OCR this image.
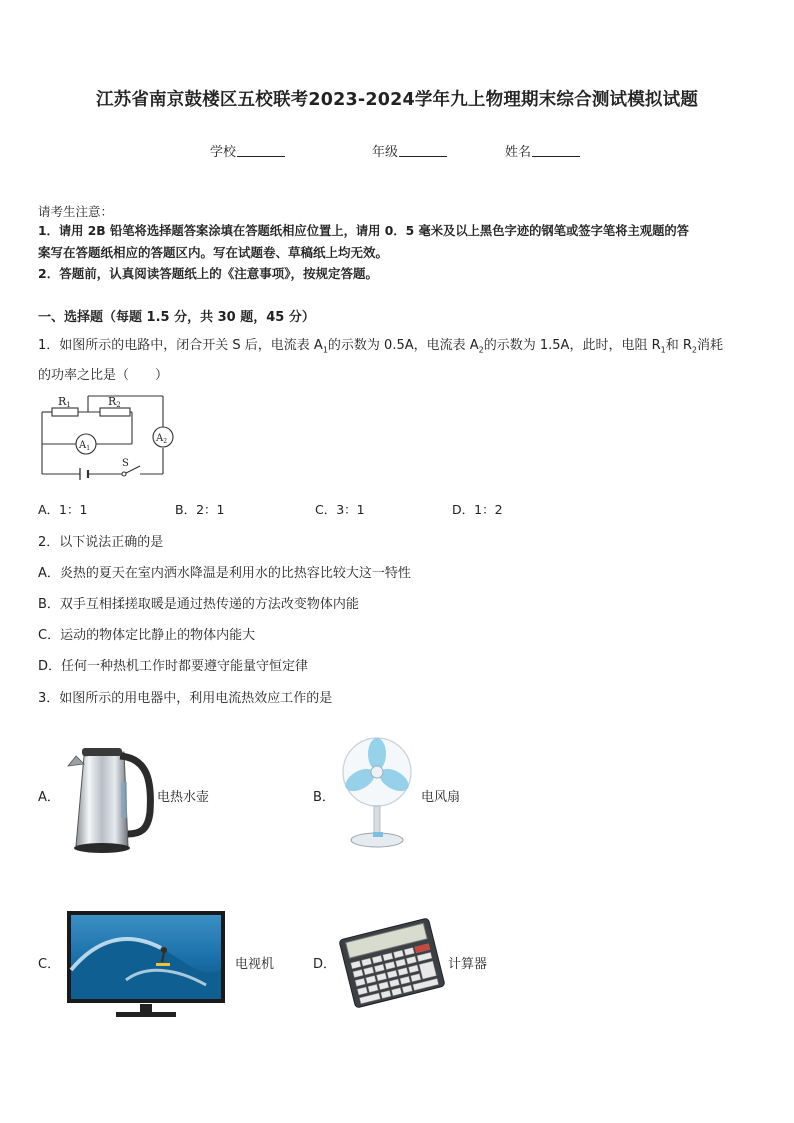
江苏省南京鼓楼区五校联考2023-2024学年九上物理期末综合测试模拟试题
学校	年级	姓名
请考生注意：
1．请用 2B 铅笔将选择题答案涂填在答题纸相应位置上，请用 0．5 毫米及以上黑色字迹的钢笔或签字笔将主观题的答
案写在答题纸相应的答题区内。写在试题卷、草稿纸上均无效。
2．答题前，认真阅读答题纸上的《注意事项》，按规定答题。
一、选择题（每题 1.5 分，共 30 题，45 分）
1．如图所示的电路中，闭合开关 S 后，电流表 $A_1$的示数为 0.5A，电流表 $A_2$的示数为 1.5A，此时，电阻 $R_1$和 $R_2$消耗
的功率之比是（　　）
R1	R2
$A_1$
$A_2$
S
A．1：1	B．2：1	C．3：1	D．1：2
2．以下说法正确的是
A．炎热的夏天在室内洒水降温是利用水的比热容比较大这一特性
B．双手互相揉搓取暖是通过热传递的方法改变物体内能
C．运动的物体定比静止的物体内能大
D．任何一种热机工作时都要遵守能量守恒定律
3．如图所示的用电器中，利用电流热效应工作的是
A．	电热水壶	B．	电风扇
C．	电视机	D．	计算器
